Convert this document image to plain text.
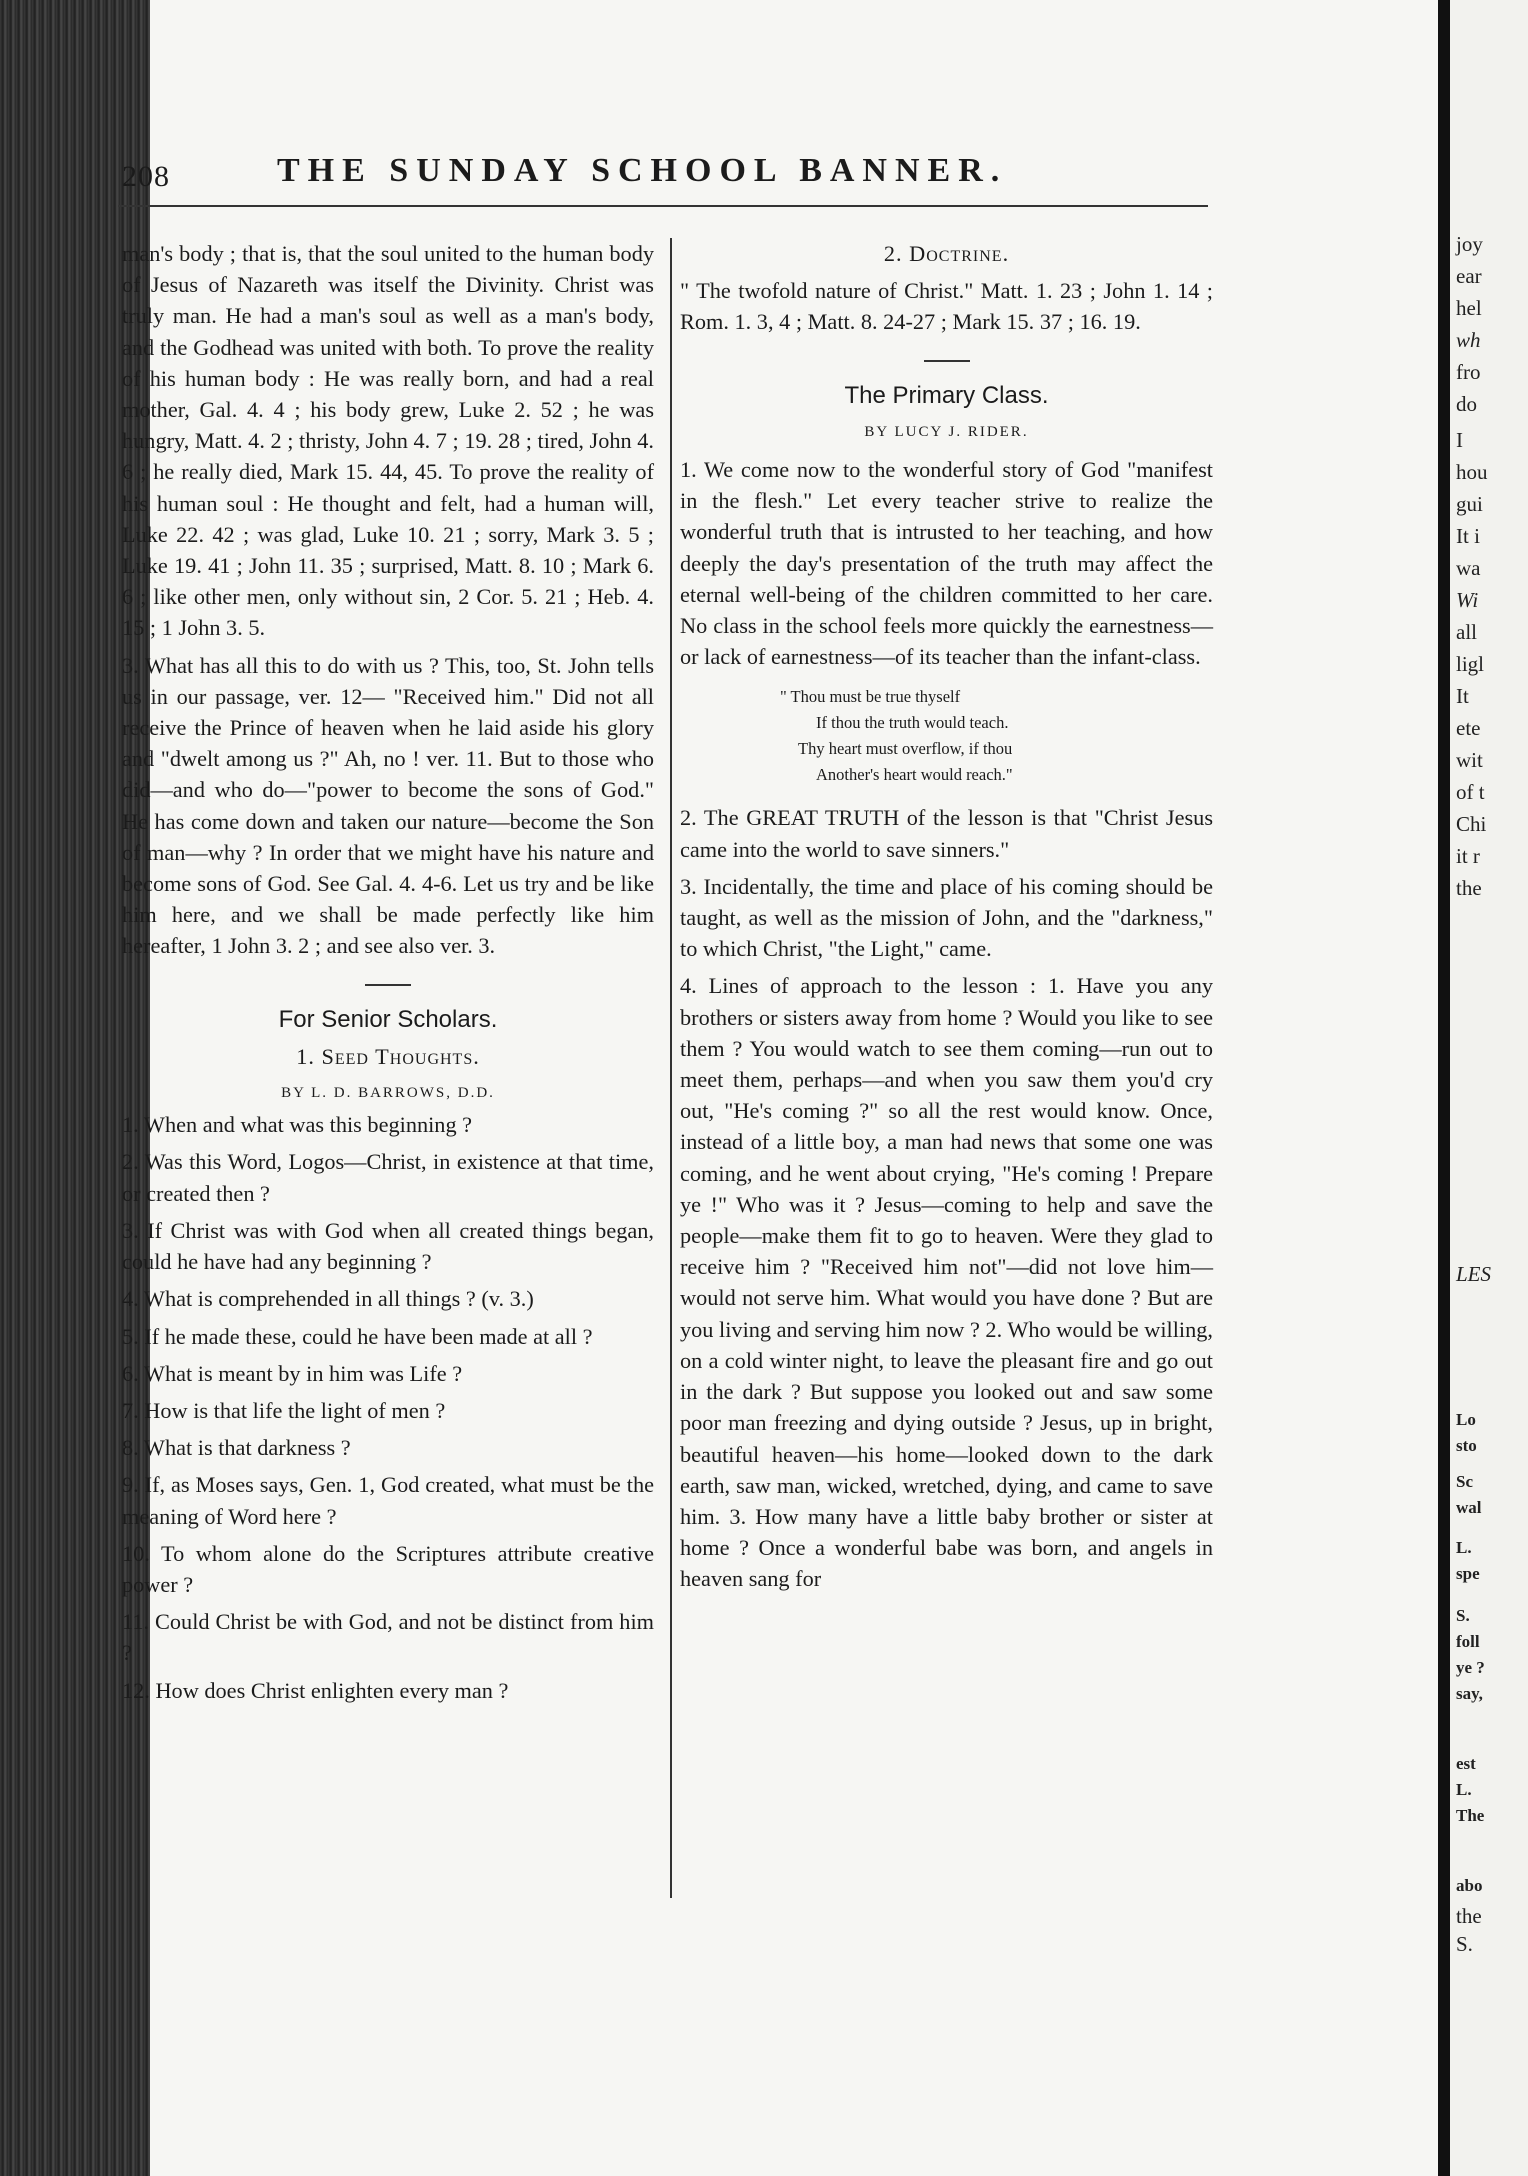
208	THE SUNDAY SCHOOL BANNER.

man's body ; that is, that the soul united to the human body of Jesus of Nazareth was itself the Divinity. Christ was truly man. He had a man's soul as well as a man's body, and the Godhead was united with both. To prove the reality of his human body : He was really born, and had a real mother, Gal. 4. 4 ; his body grew, Luke 2. 52 ; he was hungry, Matt. 4. 2 ; thristy, John 4. 7 ; 19. 28 ; tired, John 4. 6 ; he really died, Mark 15. 44, 45. To prove the reality of his human soul : He thought and felt, had a human will, Luke 22. 42 ; was glad, Luke 10. 21 ; sorry, Mark 3. 5 ; Luke 19. 41 ; John 11. 35 ; surprised, Matt. 8. 10 ; Mark 6. 6 ; like other men, only without sin, 2 Cor. 5. 21 ; Heb. 4. 15 ; 1 John 3. 5.

3. What has all this to do with us ? This, too, St. John tells us in our passage, ver. 12— "Received him." Did not all receive the Prince of heaven when he laid aside his glory and "dwelt among us ?" Ah, no ! ver. 11. But to those who did—and who do—"power to become the sons of God." He has come down and taken our nature—become the Son of man—why ? In order that we might have his nature and become sons of God. See Gal. 4. 4-6. Let us try and be like him here, and we shall be made perfectly like him hereafter, 1 John 3. 2 ; and see also ver. 3.

For Senior Scholars.

1. Seed Thoughts.

BY L. D. BARROWS, D.D.

1. When and what was this beginning ?

2. Was this Word, Logos—Christ, in existence at that time, or created then ?

3. If Christ was with God when all created things began, could he have had any beginning ?

4. What is comprehended in all things ? (v. 3.)

5. If he made these, could he have been made at all ?

6. What is meant by in him was Life ?

7. How is that life the light of men ?

8. What is that darkness ?

9. If, as Moses says, Gen. 1, God created, what must be the meaning of Word here ?

10. To whom alone do the Scriptures attribute creative power ?

11. Could Christ be with God, and not be distinct from him ?

12. How does Christ enlighten every man ?

2. Doctrine.

" The twofold nature of Christ." Matt. 1. 23 ; John 1. 14 ; Rom. 1. 3, 4 ; Matt. 8. 24-27 ; Mark 15. 37 ; 16. 19.

The Primary Class.

BY LUCY J. RIDER.

1. We come now to the wonderful story of God "manifest in the flesh." Let every teacher strive to realize the wonderful truth that is intrusted to her teaching, and how deeply the day's presentation of the truth may affect the eternal well-being of the children committed to her care. No class in the school feels more quickly the earnestness—or lack of earnestness—of its teacher than the infant-class.

" Thou must be true thyself
If thou the truth would teach.
Thy heart must overflow, if thou
Another's heart would reach."

2. The GREAT TRUTH of the lesson is that "Christ Jesus came into the world to save sinners."

3. Incidentally, the time and place of his coming should be taught, as well as the mission of John, and the "darkness," to which Christ, "the Light," came.

4. Lines of approach to the lesson : 1. Have you any brothers or sisters away from home ? Would you like to see them ? You would watch to see them coming—run out to meet them, perhaps—and when you saw them you'd cry out, "He's coming ?" so all the rest would know. Once, instead of a little boy, a man had news that some one was coming, and he went about crying, "He's coming ! Prepare ye !" Who was it ? Jesus—coming to help and save the people—make them fit to go to heaven. Were they glad to receive him ? "Received him not"—did not love him—would not serve him. What would you have done ? But are you living and serving him now ? 2. Who would be willing, on a cold winter night, to leave the pleasant fire and go out in the dark ? But suppose you looked out and saw some poor man freezing and dying outside ? Jesus, up in bright, beautiful heaven—his home—looked down to the dark earth, saw man, wicked, wretched, dying, and came to save him. 3. How many have a little baby brother or sister at home ? Once a wonderful babe was born, and angels in heaven sang for

joy
ear
hel
wh
fro
do
I
hou
gui
It i
wa
Wi
all
ligl
It
ete
wit
of t
Chi
it r
the
LES
Lo
sto
Sc
wal
L.
spe
S.
foll
ye ?
say,
est
L.
The
abo
the
S.
